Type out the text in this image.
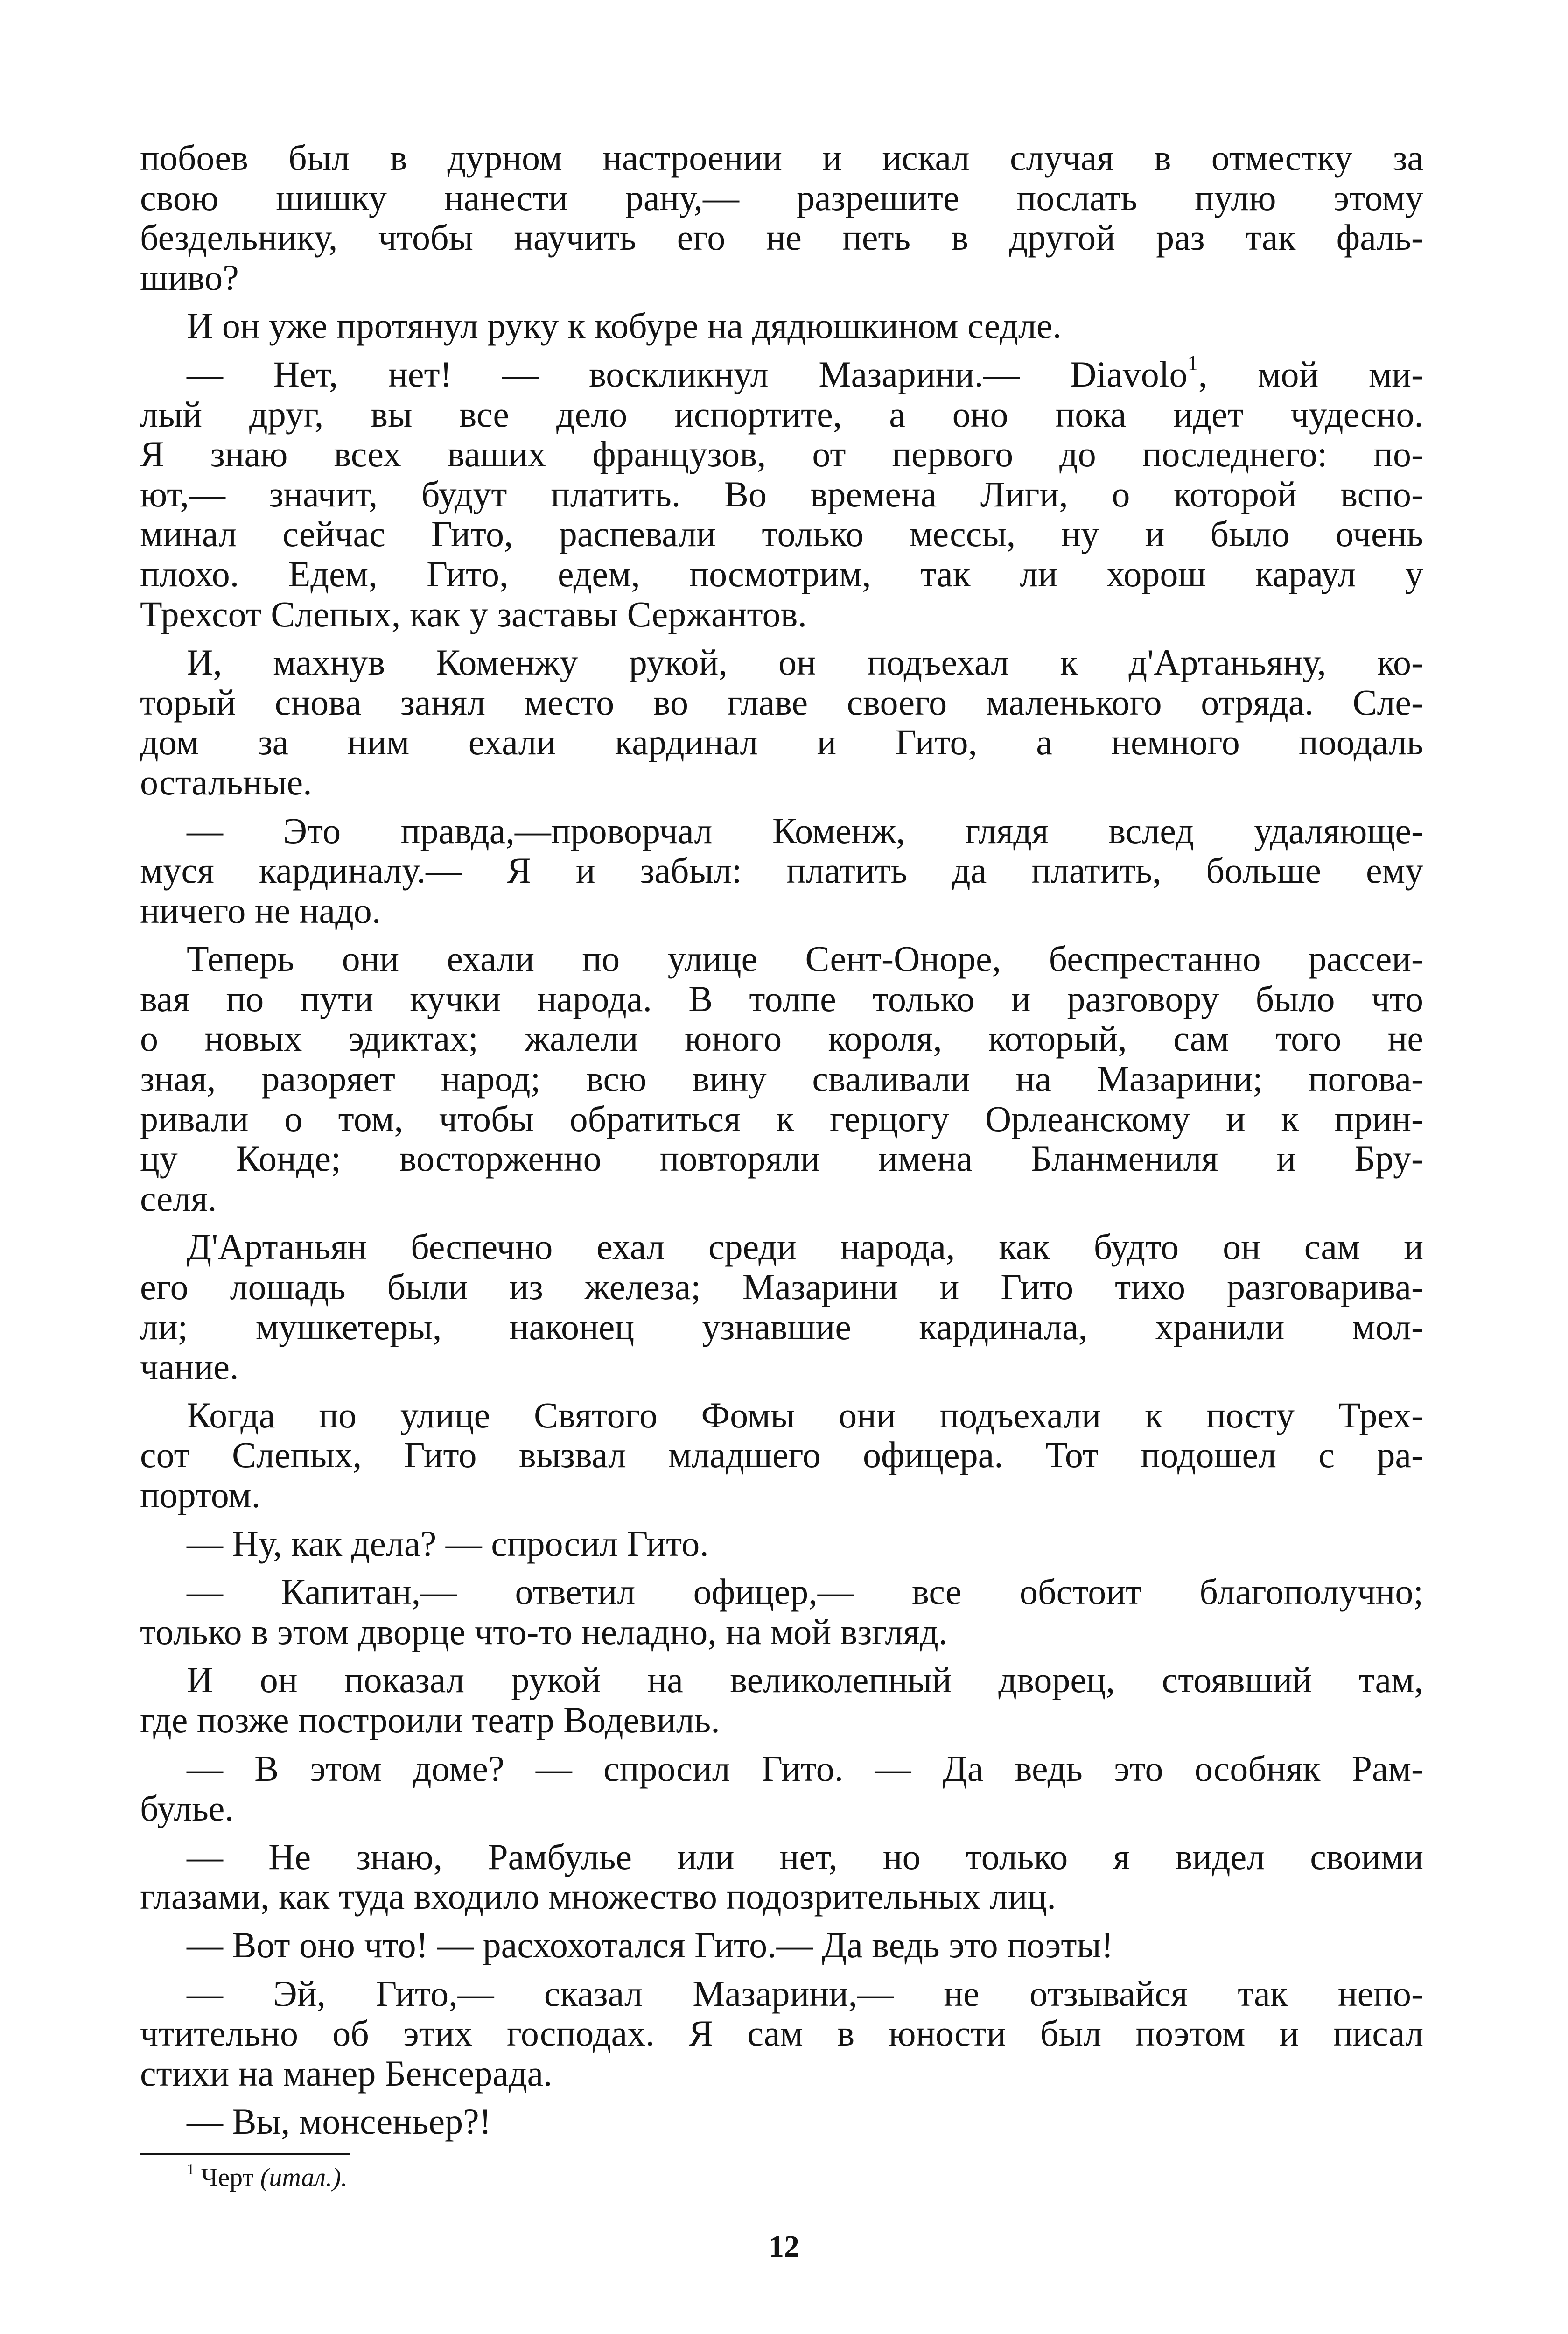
побоев был в дурном настроении и искал случая в отместку за
свою шишку нанести рану,— разрешите послать пулю этому
бездельнику, чтобы научить его не петь в другой раз так фаль-
шиво?

И он уже протянул руку к кобуре на дядюшкином седле.

— Нет, нет! — воскликнул Мазарини.— Diavolo$^1$, мой ми-
лый друг, вы все дело испортите, а оно пока идет чудесно.
Я знаю всех ваших французов, от первого до последнего: по-
ют,— значит, будут платить. Во времена Лиги, о которой вспо-
минал сейчас Гито, распевали только мессы, ну и было очень
плохо. Едем, Гито, едем, посмотрим, так ли хорош караул у
Трехсот Слепых, как у заставы Сержантов.

И, махнув Коменжу рукой, он подъехал к д'Артаньяну, ко-
торый снова занял место во главе своего маленького отряда. Сле-
дом за ним ехали кардинал и Гито, а немного поодаль
остальные.

— Это правда,—проворчал Коменж, глядя вслед удаляюще-
муся кардиналу.— Я и забыл: платить да платить, больше ему
ничего не надо.

Теперь они ехали по улице Сент-Оноре, беспрестанно рассеи-
вая по пути кучки народа. В толпе только и разговору было что
о новых эдиктах; жалели юного короля, который, сам того не
зная, разоряет народ; всю вину сваливали на Мазарини; погова-
ривали о том, чтобы обратиться к герцогу Орлеанскому и к прин-
цу Конде; восторженно повторяли имена Бланмениля и Бру-
селя.

Д'Артаньян беспечно ехал среди народа, как будто он сам и
его лошадь были из железа; Мазарини и Гито тихо разговарива-
ли; мушкетеры, наконец узнавшие кардинала, хранили мол-
чание.

Когда по улице Святого Фомы они подъехали к посту Трех-
сот Слепых, Гито вызвал младшего офицера. Тот подошел с ра-
портом.

— Ну, как дела? — спросил Гито.

— Капитан,— ответил офицер,— все обстоит благополучно;
только в этом дворце что-то неладно, на мой взгляд.

И он показал рукой на великолепный дворец, стоявший там,
где позже построили театр Водевиль.

— В этом доме? — спросил Гито. — Да ведь это особняк Рам-
булье.

— Не знаю, Рамбулье или нет, но только я видел своими
глазами, как туда входило множество подозрительных лиц.

— Вот оно что! — расхохотался Гито.— Да ведь это поэты!

— Эй, Гито,— сказал Мазарини,— не отзывайся так непо-
чтительно об этих господах. Я сам в юности был поэтом и писал
стихи на манер Бенсерада.

— Вы, монсеньер?!

$^1$ Черт (итал.).
12
